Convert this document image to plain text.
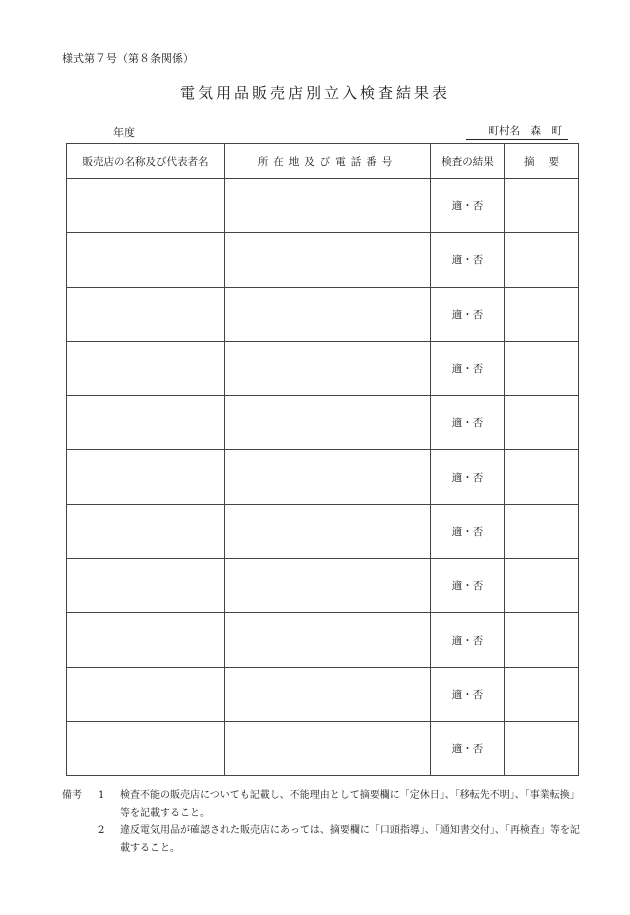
様式第７号（第８条関係）
電気用品販売店別立入検査結果表
年度	町村名　森　町
販売店の名称及び代表者名	所在地及び電話番号	検査の結果	摘要
		適・否	
		適・否	
		適・否	
		適・否	
		適・否	
		適・否	
		適・否	
		適・否	
		適・否	
		適・否	
		適・否	
備考 1 検査不能の販売店についても記載し、不能理由として摘要欄に「定休日」、「移転先不明」、「事業転換」等を記載すること。
2 違反電気用品が確認された販売店にあっては、摘要欄に「口頭指導」、「通知書交付」、「再検査」等を記載すること。
